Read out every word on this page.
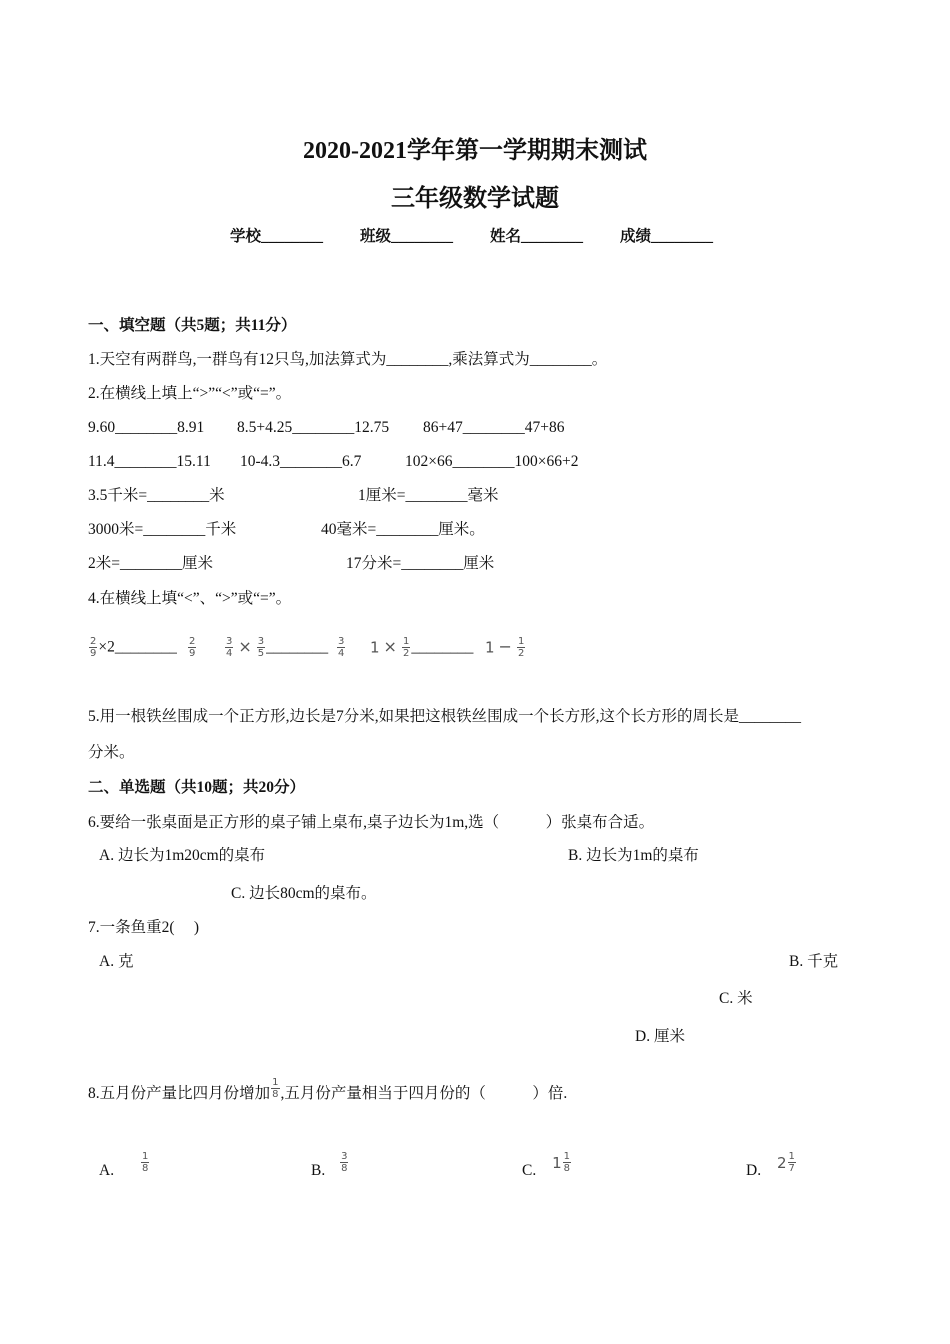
2020-2021学年第一学期期末测试
三年级数学试题
学校________ 班级________ 姓名________ 成绩________
一、填空题（共5题；共11分）
1.天空有两群鸟,一群鸟有12只鸟,加法算式为________,乘法算式为________。
2.在横线上填上“>”“<”或“=”。
9.60________8.91 8.5+4.25________12.75 86+47________47+86
11.4________15.11 10-4.3________6.7	102×66________100×66+2
3.5千米=________米	1厘米=________毫米
3000米=________千米	40毫米=________厘米。
2米=________厘米	17分米=________厘米
4.在横线上填“<”、“>”或“=”。
$\frac{2}{9}$ ×2________ $\frac{2}{9}$	$\frac{3}{4} \times \frac{3}{5}$ ________ $\frac{3}{4} 1 \times \frac{1}{2}$ ________ $1 - \frac{1}{2}$
5.用一根铁丝围成一个正方形,边长是7分米,如果把这根铁丝围成一个长方形,这个长方形的周长是________
分米。
二、单选题（共10题；共20分）
6.要给一张桌面是正方形的桌子铺上桌布,桌子边长为1m,选（　　　）张桌布合适。
A. 边长为1m20cm的桌布	B. 边长为1m的桌布
C. 边长80cm的桌布。
7.一条鱼重2(　 )
A. 克	B. 千克
C. 米
D. 厘米
8.五月份产量比四月份增加 $\frac{1}{8}$ ,五月份产量相当于四月份的（　　　）倍.
A.	$\frac{1}{8}$	B. $\frac{3}{8}$	C. $1 \frac{1}{8}$	D. $2 \frac{1}{7}$
